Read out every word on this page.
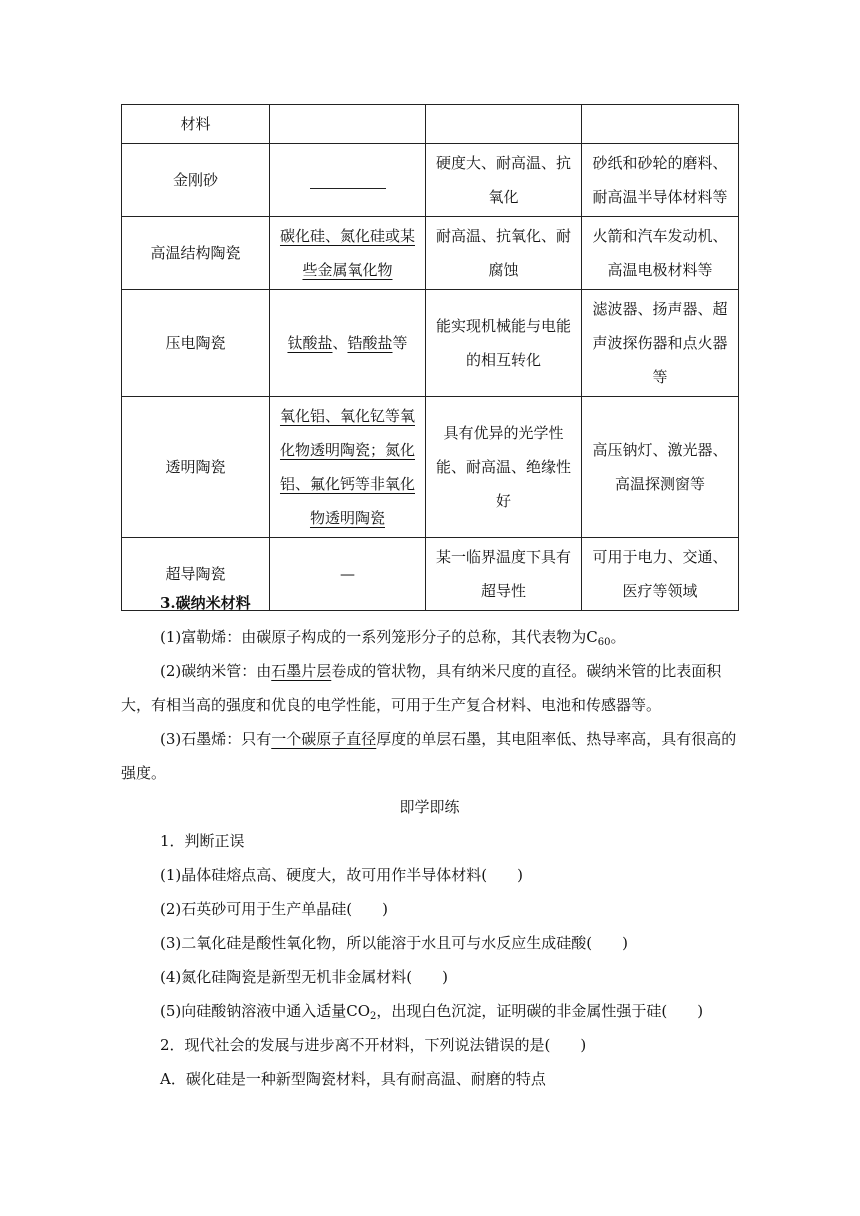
材料			
金刚砂		硬度大、耐高温、抗氧化	砂纸和砂轮的磨料、耐高温半导体材料等
高温结构陶瓷	碳化硅、氮化硅或某些金属氧化物	耐高温、抗氧化、耐腐蚀	火箭和汽车发动机、高温电极材料等
压电陶瓷	钛酸盐、锆酸盐等	能实现机械能与电能的相互转化	滤波器、扬声器、超声波探伤器和点火器等
透明陶瓷	氧化铝、氧化钇等氧化物透明陶瓷；氮化铝、氟化钙等非氧化物透明陶瓷	具有优异的光学性能、耐高温、绝缘性好	高压钠灯、激光器、高温探测窗等
超导陶瓷	—	某一临界温度下具有超导性	可用于电力、交通、医疗等领域
3.碳纳米材料
(1)富勒烯：由碳原子构成的一系列笼形分子的总称，其代表物为$C_{60}$。
(2)碳纳米管：由石墨片层卷成的管状物，具有纳米尺度的直径。碳纳米管的比表面积大，有相当高的强度和优良的电学性能，可用于生产复合材料、电池和传感器等。
(3)石墨烯：只有一个碳原子直径厚度的单层石墨，其电阻率低、热导率高，具有很高的强度。
即学即练
1．判断正误
(1)晶体硅熔点高、硬度大，故可用作半导体材料(　　)
(2)石英砂可用于生产单晶硅(　　)
(3)二氧化硅是酸性氧化物，所以能溶于水且可与水反应生成硅酸(　　)
(4)氮化硅陶瓷是新型无机非金属材料(　　)
(5)向硅酸钠溶液中通入适量$CO_2$，出现白色沉淀，证明碳的非金属性强于硅(　　)
2．现代社会的发展与进步离不开材料，下列说法错误的是(　　)
A．碳化硅是一种新型陶瓷材料，具有耐高温、耐磨的特点
